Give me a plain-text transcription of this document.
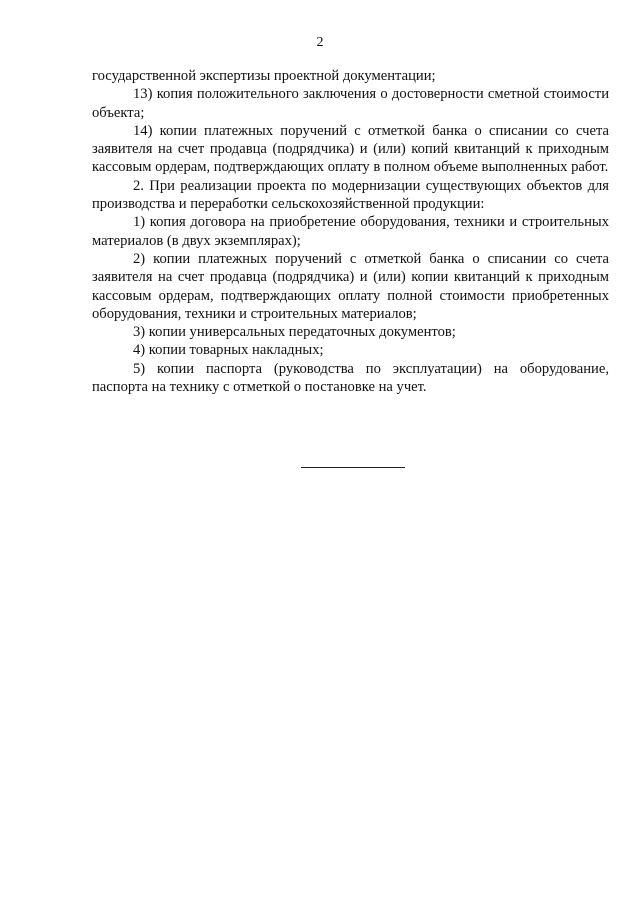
2

государственной экспертизы проектной документации;

13) копия положительного заключения о достоверности сметной стоимости объекта;

14) копии платежных поручений с отметкой банка о списании со счета заявителя на счет продавца (подрядчика) и (или) копий квитанций к приходным кассовым ордерам, подтверждающих оплату в полном объеме выполненных работ.

2. При реализации проекта по модернизации существующих объектов для производства и переработки сельскохозяйственной продукции:

1) копия договора на приобретение оборудования, техники и строительных материалов (в двух экземплярах);

2) копии платежных поручений с отметкой банка о списании со счета заявителя на счет продавца (подрядчика) и (или) копии квитанций к приходным кассовым ордерам, подтверждающих оплату полной стоимости приобретенных оборудования, техники и строительных материалов;

3) копии универсальных передаточных документов;

4) копии товарных накладных;

5) копии паспорта (руководства по эксплуатации) на оборудование, паспорта на технику с отметкой о постановке на учет.
